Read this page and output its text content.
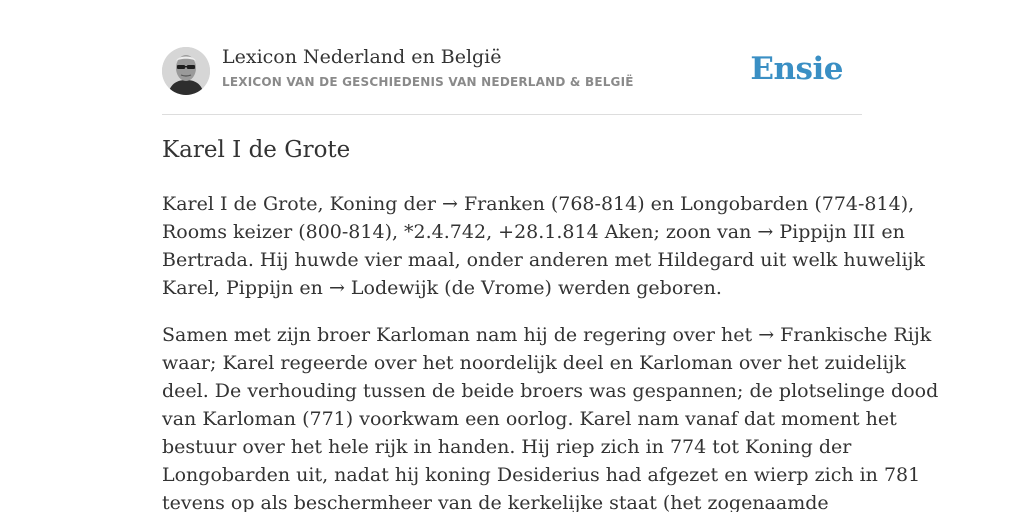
Lexicon Nederland en België
LEXICON VAN DE GESCHIEDENIS VAN NEDERLAND & BELGIË	Ensie
Karel I de Grote

Karel I de Grote, Koning der → Franken (768-814) en Longobarden (774-814),
Rooms keizer (800-814), *2.4.742, +28.1.814 Aken; zoon van → Pippijn III en
Bertrada. Hij huwde vier maal, onder anderen met Hildegard uit welk huwelijk
Karel, Pippijn en → Lodewijk (de Vrome) werden geboren.

Samen met zijn broer Karloman nam hij de regering over het → Frankische Rijk
waar; Karel regeerde over het noordelijk deel en Karloman over het zuidelijk
deel. De verhouding tussen de beide broers was gespannen; de plotselinge dood
van Karloman (771) voorkwam een oorlog. Karel nam vanaf dat moment het
bestuur over het hele rijk in handen. Hij riep zich in 774 tot Koning der
Longobarden uit, nadat hij koning Desiderius had afgezet en wierp zich in 781
tevens op als beschermheer van de kerkelijke staat (het zogenaamde
